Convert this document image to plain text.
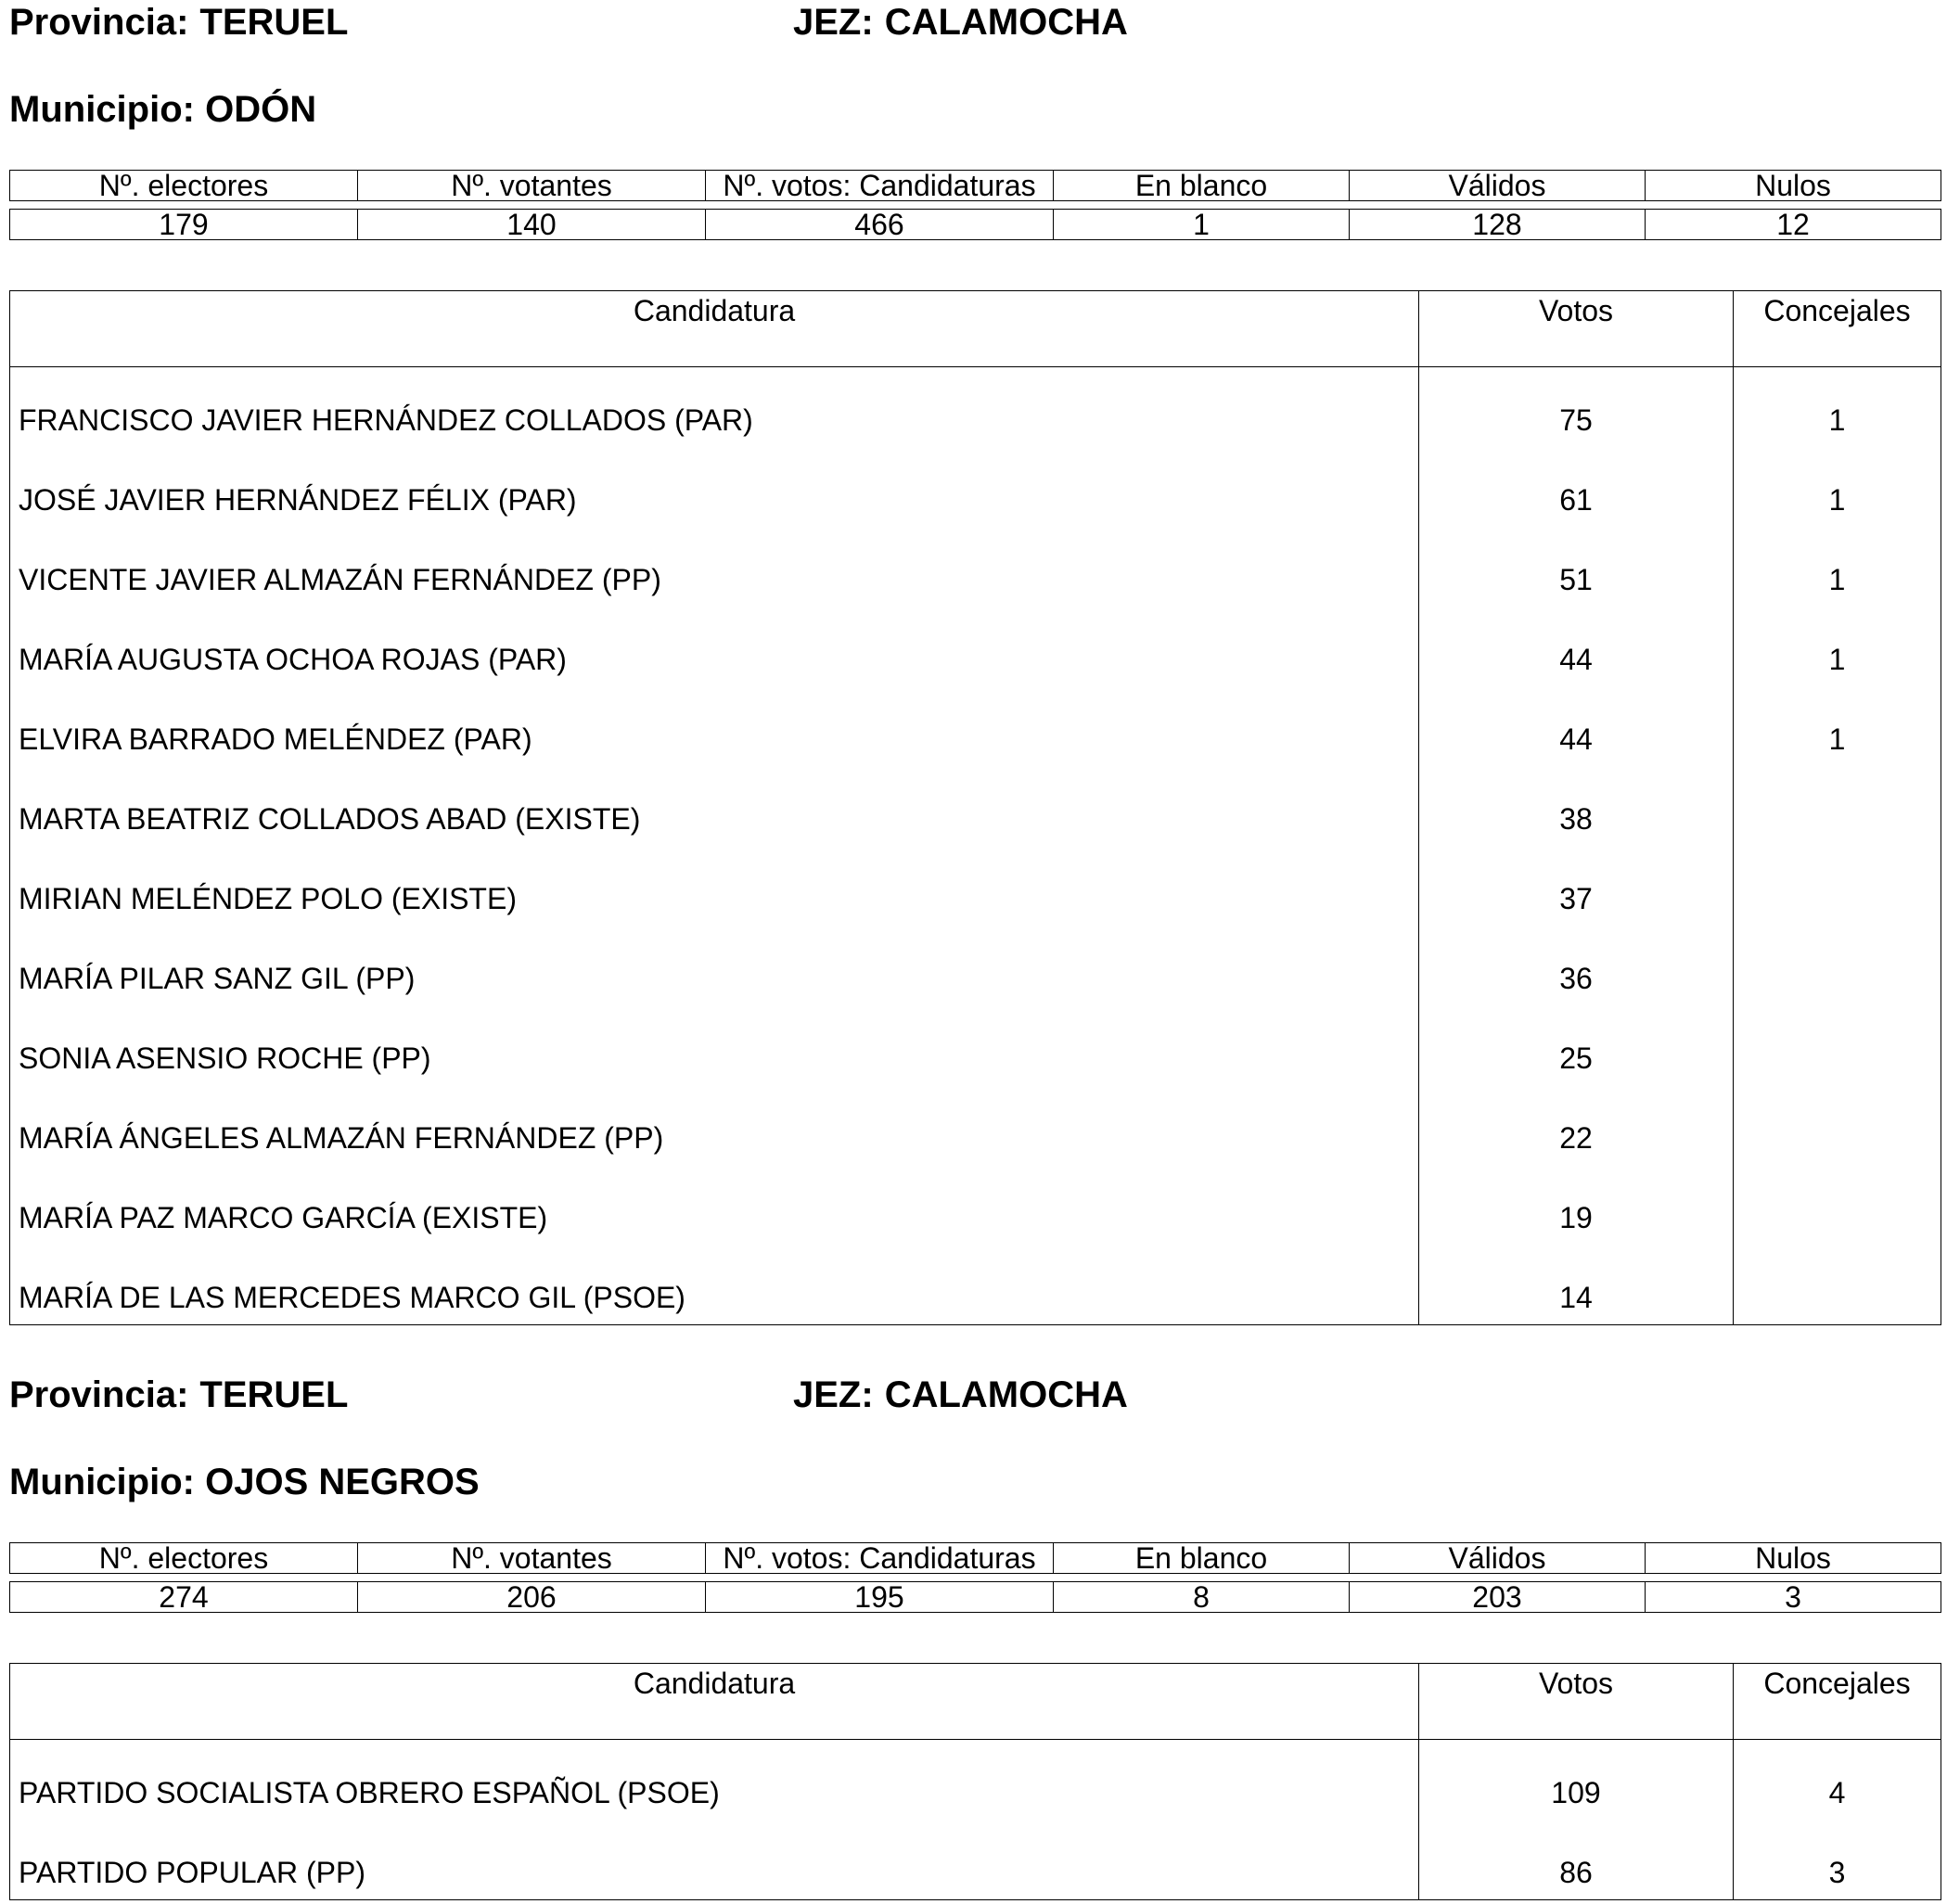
Provincia: TERUEL	JEZ: CALAMOCHA
Municipio: ODÓN
Nº. electores	Nº. votantes	Nº. votos: Candidaturas	En blanco	Válidos	Nulos
179	140	466	1	128	12
Candidatura	Votos	Concejales
FRANCISCO JAVIER HERNÁNDEZ COLLADOS (PAR)	75	1
JOSÉ JAVIER HERNÁNDEZ FÉLIX (PAR)	61	1
VICENTE JAVIER ALMAZÁN FERNÁNDEZ (PP)	51	1
MARÍA AUGUSTA OCHOA ROJAS (PAR)	44	1
ELVIRA BARRADO MELÉNDEZ (PAR)	44	1
MARTA BEATRIZ COLLADOS ABAD (EXISTE)	38
MIRIAN MELÉNDEZ POLO (EXISTE)	37
MARÍA PILAR SANZ GIL (PP)	36
SONIA ASENSIO ROCHE (PP)	25
MARÍA ÁNGELES ALMAZÁN FERNÁNDEZ (PP)	22
MARÍA PAZ MARCO GARCÍA (EXISTE)	19
MARÍA DE LAS MERCEDES MARCO GIL (PSOE)	14
Provincia: TERUEL	JEZ: CALAMOCHA
Municipio: OJOS NEGROS
Nº. electores	Nº. votantes	Nº. votos: Candidaturas	En blanco	Válidos	Nulos
274	206	195	8	203	3
Candidatura	Votos	Concejales
PARTIDO SOCIALISTA OBRERO ESPAÑOL (PSOE)	109	4
PARTIDO POPULAR (PP)	86	3
